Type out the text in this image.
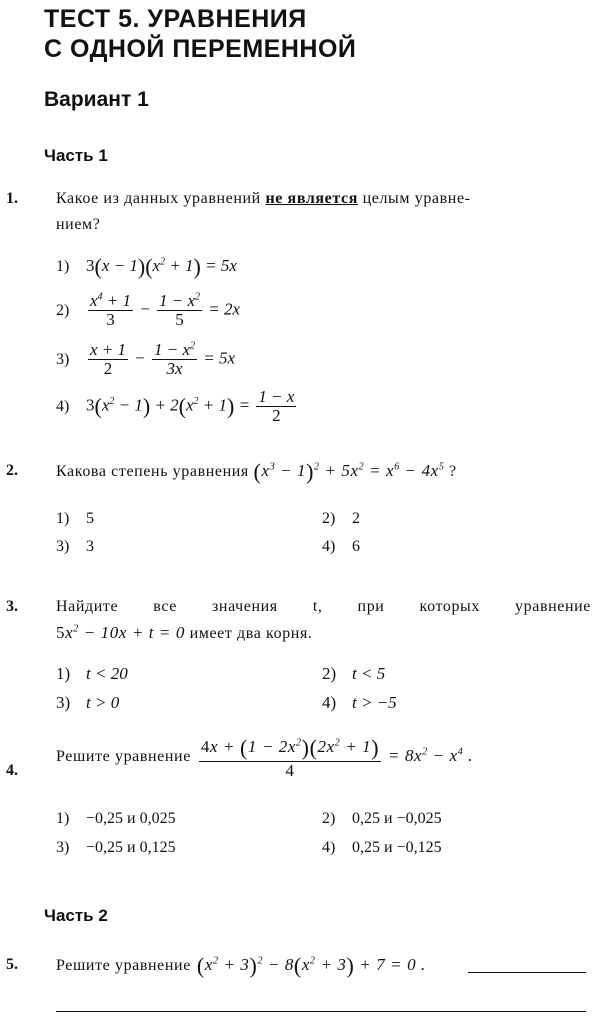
ТЕСТ 5. УРАВНЕНИЯ
С ОДНОЙ ПЕРЕМЕННОЙ
Вариант 1
Часть 1
1. Какое из данных уравнений не является целым уравне-
нием?
1) $3(x - 1)(x^2 + 1) = 5x$
2)	$\frac{x^4 + 1}{3} - \frac{1 - x^2}{5} = 2x$
3)	$\frac{x + 1}{2} - \frac{1 - x^2}{3x} = 5x$
4) $3(x^2 - 1) + 2(x^2 + 1) = \frac{1 - x}{2}$
2. Какова степень уравнения $(x^3 - 1)^2 + 5x^2 = x^6 - 4x^5$ ?
1)	5	2)	2
3)	3	4)	6
3. Найдите все значения t, при которых уравнение
$5x^2 - 10x + t = 0$ имеет два корня.
1) t < 20	2) t < 5
3) t > 0	4) t > −5
4.
Решите уравнение $\frac{4x + (1 - 2x^2)(2x^2 + 1)}{4} = 8x^2 - x^4$ .
1)	−0,25 и 0,025	2)	0,25 и −0,025
3)	−0,25 и 0,125	4)	0,25 и −0,125
Часть 2
5. Решите уравнение $(x^2 + 3)^2 - 8(x^2 + 3) + 7 = 0$ .
